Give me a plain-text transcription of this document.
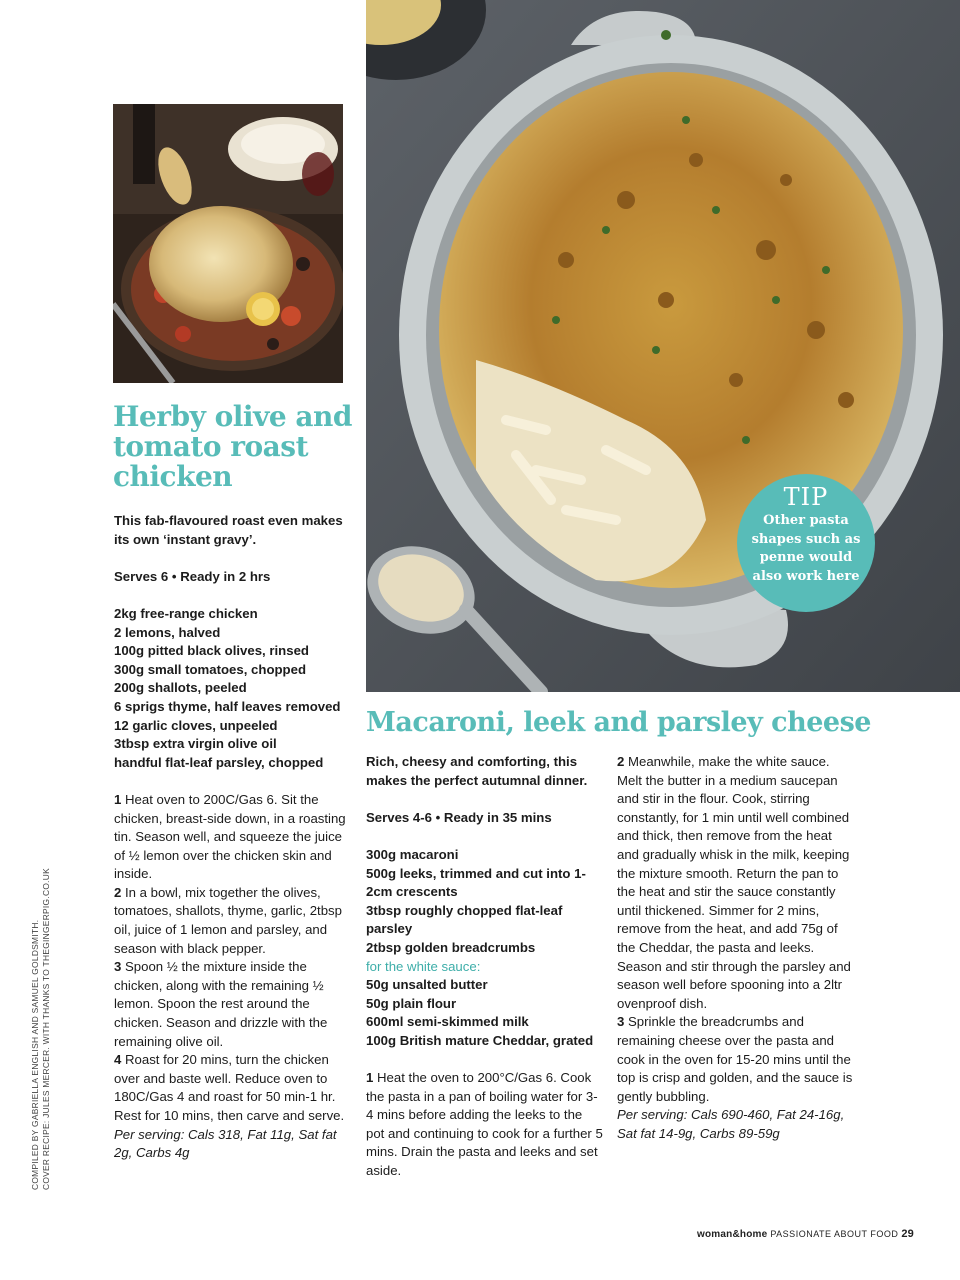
TIP
Other pasta shapes such as penne would also work here
Herby olive and tomato roast chicken

This fab-flavoured roast even makes its own ‘instant gravy’.

Serves 6 • Ready in 2 hrs

2kg free-range chicken

2 lemons, halved

100g pitted black olives, rinsed

300g small tomatoes, chopped

200g shallots, peeled

6 sprigs thyme, half leaves removed

12 garlic cloves, unpeeled

3tbsp extra virgin olive oil

handful flat-leaf parsley, chopped

1 Heat oven to 200C/Gas 6. Sit the chicken, breast-side down, in a roasting tin. Season well, and squeeze the juice of ½ lemon over the chicken skin and inside.

2 In a bowl, mix together the olives, tomatoes, shallots, thyme, garlic, 2tbsp oil, juice of 1 lemon and parsley, and season with black pepper.

3 Spoon ½ the mixture inside the chicken, along with the remaining ½ lemon. Spoon the rest around the chicken. Season and drizzle with the remaining olive oil.

4 Roast for 20 mins, turn the chicken over and baste well. Reduce oven to 180C/Gas 4 and roast for 50 min-1 hr. Rest for 10 mins, then carve and serve.

Per serving: Cals 318, Fat 11g, Sat fat 2g, Carbs 4g

Macaroni, leek and parsley cheese

Rich, cheesy and comforting, this makes the perfect autumnal dinner.

Serves 4-6 • Ready in 35 mins

300g macaroni

500g leeks, trimmed and cut into 1-2cm crescents

3tbsp roughly chopped flat-leaf parsley

2tbsp golden breadcrumbs

for the white sauce:

50g unsalted butter

50g plain flour

600ml semi-skimmed milk

100g British mature Cheddar, grated

1 Heat the oven to 200°C/Gas 6. Cook the pasta in a pan of boiling water for 3-4 mins before adding the leeks to the pot and continuing to cook for a further 5 mins. Drain the pasta and leeks and set aside.

2 Meanwhile, make the white sauce. Melt the butter in a medium saucepan and stir in the flour. Cook, stirring constantly, for 1 min until well combined and thick, then remove from the heat and gradually whisk in the milk, keeping the mixture smooth. Return the pan to the heat and stir the sauce constantly until thickened. Simmer for 2 mins, remove from the heat, and add 75g of the Cheddar, the pasta and leeks. Season and stir through the parsley and season well before spooning into a 2ltr ovenproof dish.

3 Sprinkle the breadcrumbs and remaining cheese over the pasta and cook in the oven for 15-20 mins until the top is crisp and golden, and the sauce is gently bubbling.

Per serving: Cals 690-460, Fat 24-16g, Sat fat 14-9g, Carbs 89-59g

COMPILED BY GABRIELLA ENGLISH AND SAMUEL GOLDSMITH. COVER RECIPE: JULES MERCER. WITH THANKS TO THEGINGERPIG.CO.UK

woman&home PASSIONATE ABOUT FOOD 29
